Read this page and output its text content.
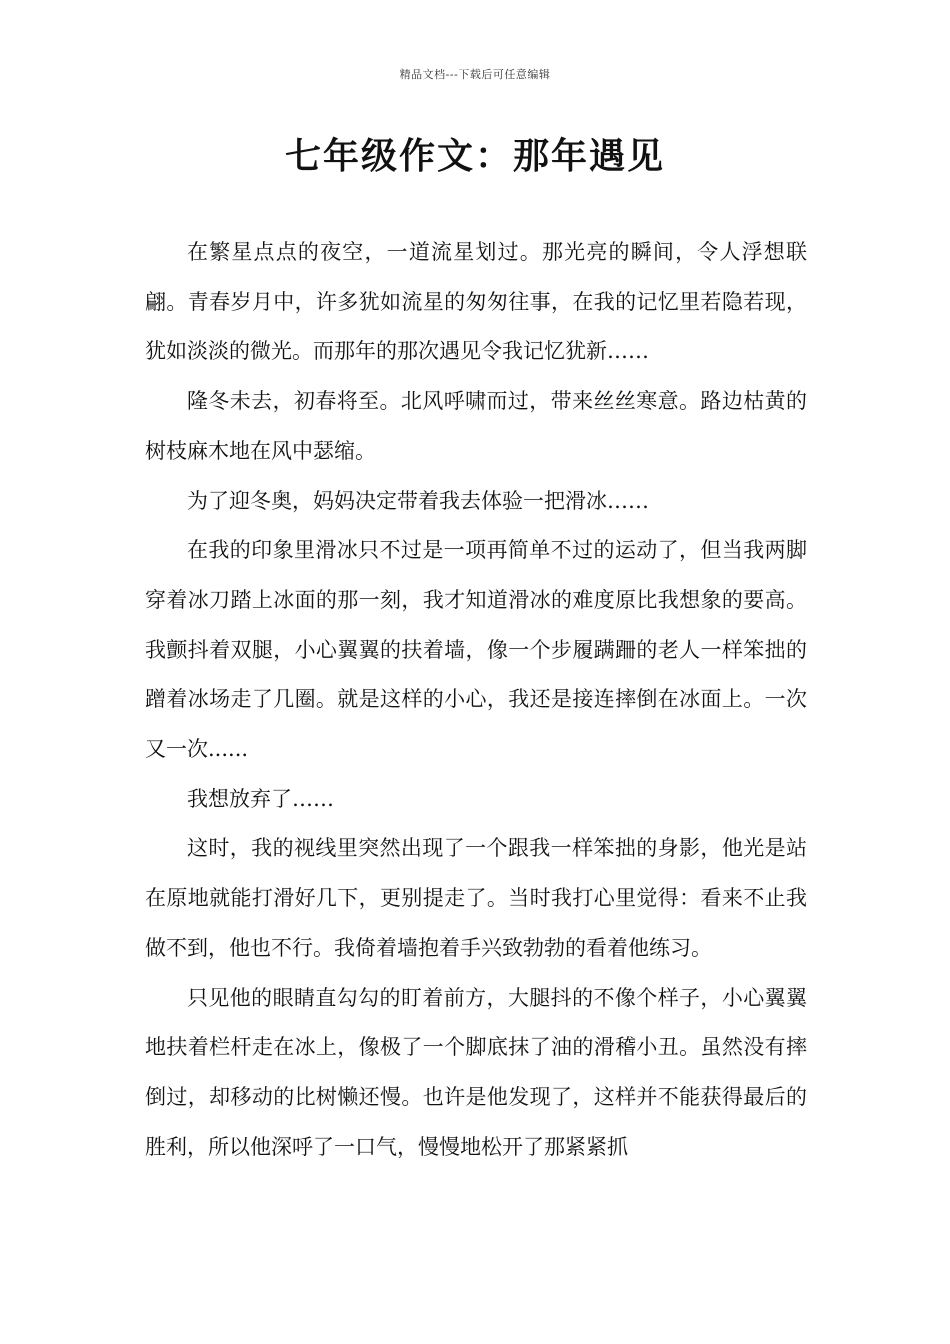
精品文档---下载后可任意编辑
七年级作文：那年遇见

在繁星点点的夜空，一道流星划过。那光亮的瞬间，令人浮想联翩。青春岁月中，许多犹如流星的匆匆往事，在我的记忆里若隐若现，犹如淡淡的微光。而那年的那次遇见令我记忆犹新……

隆冬未去，初春将至。北风呼啸而过，带来丝丝寒意。路边枯黄的树枝麻木地在风中瑟缩。

为了迎冬奥，妈妈决定带着我去体验一把滑冰……

在我的印象里滑冰只不过是一项再简单不过的运动了，但当我两脚穿着冰刀踏上冰面的那一刻，我才知道滑冰的难度原比我想象的要高。我颤抖着双腿，小心翼翼的扶着墙，像一个步履蹒跚的老人一样笨拙的蹭着冰场走了几圈。就是这样的小心，我还是接连摔倒在冰面上。一次又一次......

我想放弃了……

这时，我的视线里突然出现了一个跟我一样笨拙的身影，他光是站在原地就能打滑好几下，更别提走了。当时我打心里觉得：看来不止我做不到，他也不行。我倚着墙抱着手兴致勃勃的看着他练习。

只见他的眼睛直勾勾的盯着前方，大腿抖的不像个样子，小心翼翼地扶着栏杆走在冰上，像极了一个脚底抹了油的滑稽小丑。虽然没有摔倒过，却移动的比树懒还慢。也许是他发现了，这样并不能获得最后的胜利，所以他深呼了一口气，慢慢地松开了那紧紧抓
